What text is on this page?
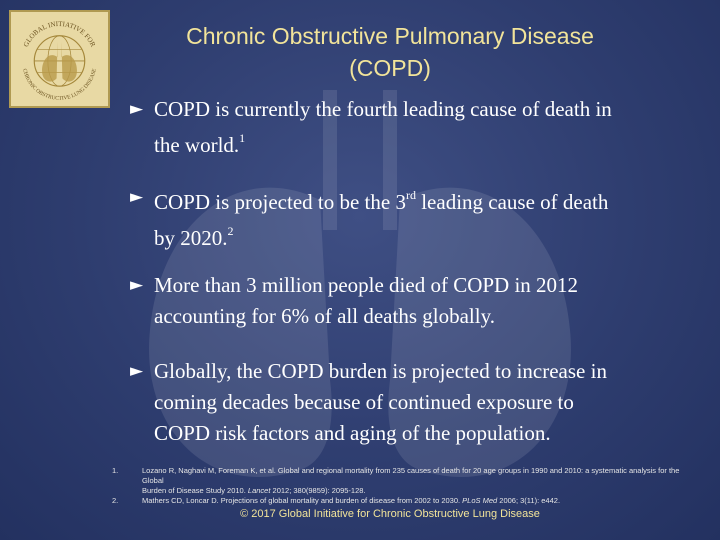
GLOBAL INITIATIVE FOR
CHRONIC OBSTRUCTIVE LUNG DISEASE
Chronic Obstructive Pulmonary Disease
(COPD)
► COPD is currently the fourth leading cause of death in
the world.$^1$
► COPD is projected to be the 3rd leading cause of death
by 2020.$^2$
► More than 3 million people died of COPD in 2012
accounting for 6% of all deaths globally.
► Globally, the COPD burden is projected to increase in
coming decades because of continued exposure to
COPD risk factors and aging of the population.
1.	Lozano R, Naghavi M, Foreman K, et al. Global and regional mortality from 235 causes of death for 20 age groups in 1990 and 2010: a systematic analysis for the Global
Burden of Disease Study 2010. Lancet 2012; 380(9859): 2095-128.
2.	Mathers CD, Loncar D. Projections of global mortality and burden of disease from 2002 to 2030. PLoS Med 2006; 3(11): e442.
© 2017 Global Initiative for Chronic Obstructive Lung Disease
